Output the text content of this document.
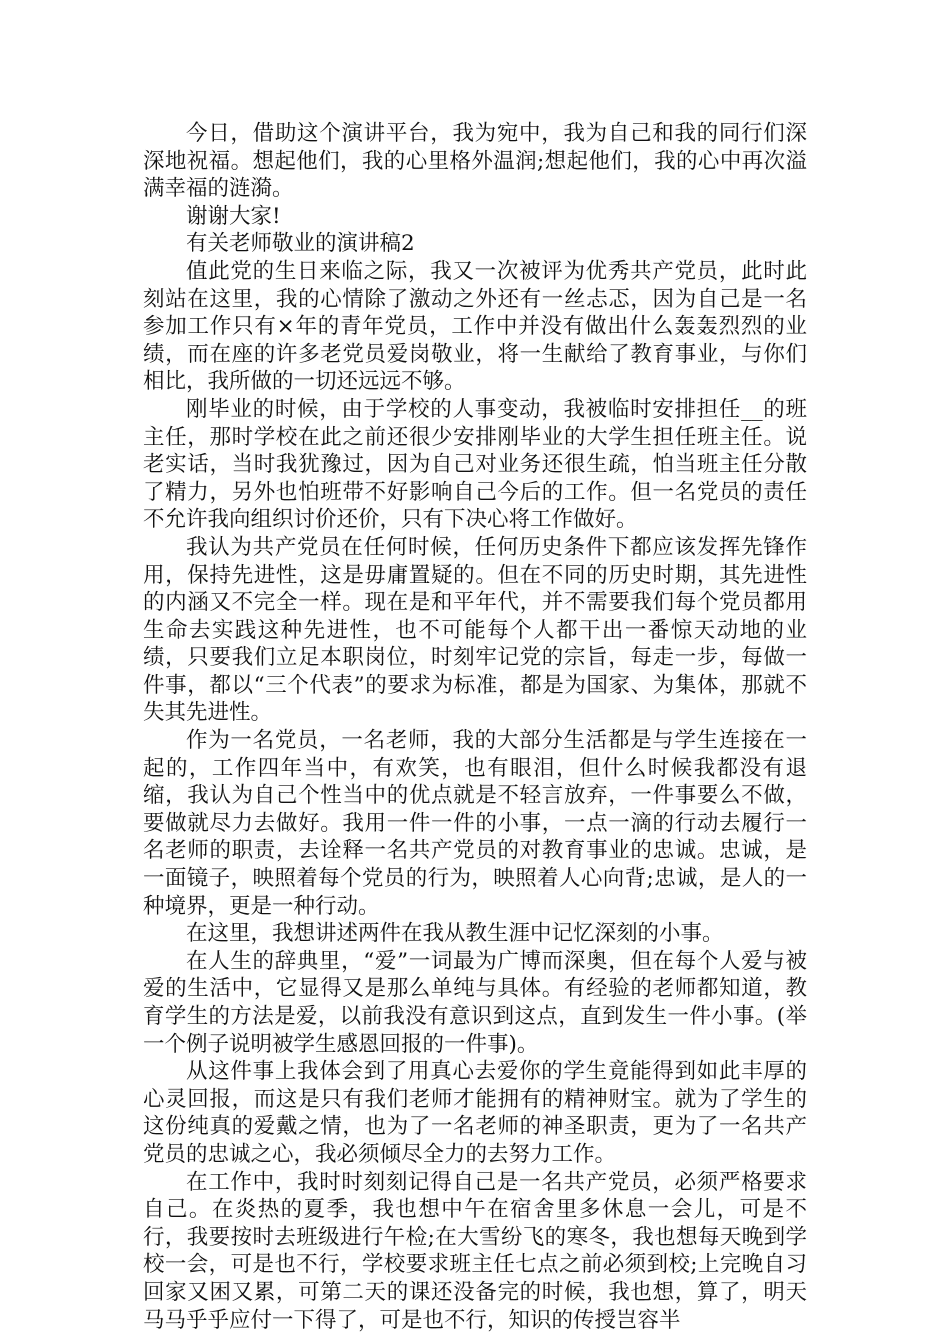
今日，借助这个演讲平台，我为宛中，我为自己和我的同行们深深地祝福。想起他们，我的心里格外温润;想起他们，我的心中再次溢满幸福的涟漪。

谢谢大家!

有关老师敬业的演讲稿2

值此党的生日来临之际，我又一次被评为优秀共产党员，此时此刻站在这里，我的心情除了激动之外还有一丝忐忑，因为自己是一名参加工作只有×年的青年党员，工作中并没有做出什么轰轰烈烈的业绩，而在座的许多老党员爱岗敬业，将一生献给了教育事业，与你们相比，我所做的一切还远远不够。

刚毕业的时候，由于学校的人事变动，我被临时安排担任__的班主任，那时学校在此之前还很少安排刚毕业的大学生担任班主任。说老实话，当时我犹豫过，因为自己对业务还很生疏，怕当班主任分散了精力，另外也怕班带不好影响自己今后的工作。但一名党员的责任不允许我向组织讨价还价，只有下决心将工作做好。

我认为共产党员在任何时候，任何历史条件下都应该发挥先锋作用，保持先进性，这是毋庸置疑的。但在不同的历史时期，其先进性的内涵又不完全一样。现在是和平年代，并不需要我们每个党员都用生命去实践这种先进性，也不可能每个人都干出一番惊天动地的业绩，只要我们立足本职岗位，时刻牢记党的宗旨，每走一步，每做一件事，都以“三个代表”的要求为标准，都是为国家、为集体，那就不失其先进性。

作为一名党员，一名老师，我的大部分生活都是与学生连接在一起的，工作四年当中，有欢笑，也有眼泪，但什么时候我都没有退缩，我认为自己个性当中的优点就是不轻言放弃，一件事要么不做，要做就尽力去做好。我用一件一件的小事，一点一滴的行动去履行一名老师的职责，去诠释一名共产党员的对教育事业的忠诚。忠诚，是一面镜子，映照着每个党员的行为，映照着人心向背;忠诚，是人的一种境界，更是一种行动。

在这里，我想讲述两件在我从教生涯中记忆深刻的小事。

在人生的辞典里，“爱”一词最为广博而深奥，但在每个人爱与被爱的生活中，它显得又是那么单纯与具体。有经验的老师都知道，教育学生的方法是爱，以前我没有意识到这点，直到发生一件小事。(举一个例子说明被学生感恩回报的一件事)。

从这件事上我体会到了用真心去爱你的学生竟能得到如此丰厚的心灵回报，而这是只有我们老师才能拥有的精神财宝。就为了学生的这份纯真的爱戴之情，也为了一名老师的神圣职责，更为了一名共产党员的忠诚之心，我必须倾尽全力的去努力工作。

在工作中，我时时刻刻记得自己是一名共产党员，必须严格要求自己。在炎热的夏季，我也想中午在宿舍里多休息一会儿，可是不行，我要按时去班级进行午检;在大雪纷飞的寒冬，我也想每天晚到学校一会，可是也不行，学校要求班主任七点之前必须到校;上完晚自习回家又困又累，可第二天的课还没备完的时候，我也想，算了，明天马马乎乎应付一下得了，可是也不行，知识的传授岂容半
